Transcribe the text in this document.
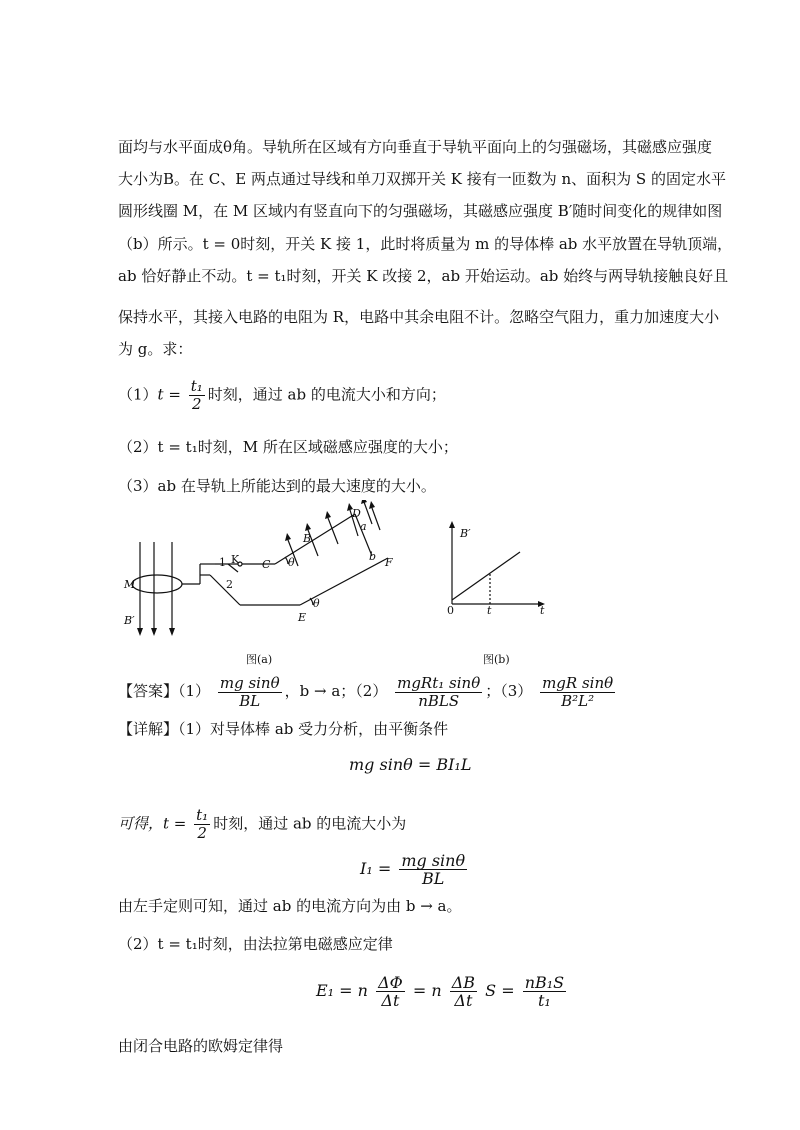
面均与水平面成θ角。导轨所在区域有方向垂直于导轨平面向上的匀强磁场，其磁感应强度
大小为B。在 C、E 两点通过导线和单刀双掷开关 K 接有一匝数为 n、面积为 S 的固定水平
圆形线圈 M，在 M 区域内有竖直向下的匀强磁场，其磁感应强度 B′随时间变化的规律如图
（b）所示。t = 0时刻，开关 K 接 1，此时将质量为 m 的导体棒 ab 水平放置在导轨顶端，
ab 恰好静止不动。t = t₁时刻，开关 K 改接 2，ab 开始运动。ab 始终与两导轨接触良好且
保持水平，其接入电路的电阻为 R，电路中其余电阻不计。忽略空气阻力，重力加速度大小
为 g。求：
$(1)t = \frac{\text{t₁}}{2}$ 时刻，通过 ab 的电流大小和方向；
（2）t = t₁时刻，M 所在区域磁感应强度的大小；
（3）ab 在导轨上所能达到的最大速度的大小。
M
B′
1 K
2
C θ
B
D
a
b F
θ
E
图(a)
B′
0	t	t
图(b)
【答案】$(1) \frac{\text{mg sinθ}}{BL}$ ，b → a；$(2) \frac{\text{mgRt₁ sinθ}}{\text{nBLS}}$ ；$(3) \frac{\text{mgR sinθ}}{\text{B²L²}}$
【详解】（1）对导体棒 ab 受力分析，由平衡条件
mg sinθ = BI₁L
可得，$t = \frac{\text{t₁}}{2}$ 时刻，通过 ab 的电流大小为
$I_1 = \frac{\text{mg sinθ}}{BL}$
由左手定则可知，通过 ab 的电流方向为由 b → a。
（2）t = t₁时刻，由法拉第电磁感应定律
E₁ = n $\frac{\Delta\Phi}{\Delta t} = n \frac{\Delta B}{\Delta t}$ $S = \frac{\text{nB₁S}}{\text{t₁}}$
由闭合电路的欧姆定律得
